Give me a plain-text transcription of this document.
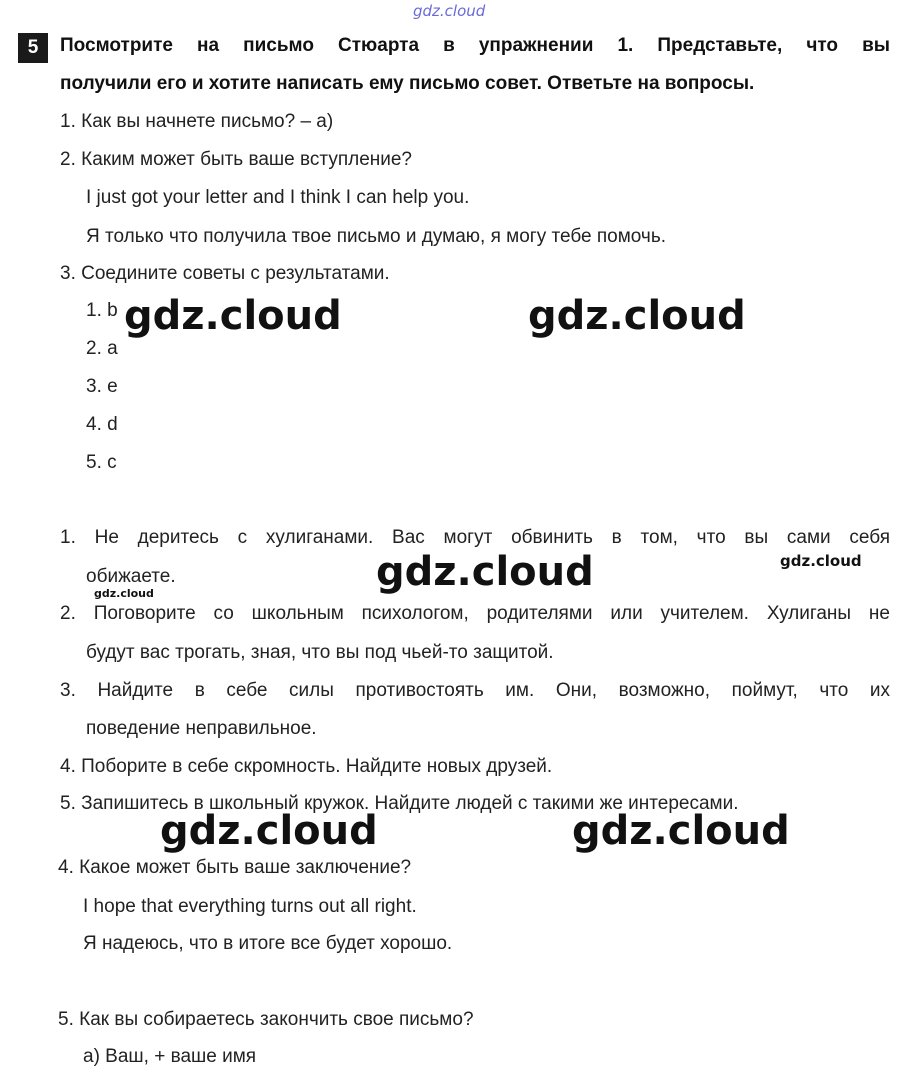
gdz.cloud
5	Посмотрите на письмо Стюарта в упражнении 1. Представьте, что вы
получили его и хотите написать ему письмо совет. Ответьте на вопросы.
1. Как вы начнете письмо? – а)
2. Каким может быть ваше вступление?
I just got your letter and I think I can help you.
Я только что получила твое письмо и думаю, я могу тебе помочь.
3. Соедините советы с результатами.
1. b
2. a
3. e
4. d
5. c
1. Не деритесь с хулиганами. Вас могут обвинить в том, что вы сами себя
обижаете.
2. Поговорите со школьным психологом, родителями или учителем. Хулиганы не
будут вас трогать, зная, что вы под чьей-то защитой.
3. Найдите в себе силы противостоять им. Они, возможно, поймут, что их
поведение неправильное.
4. Поборите в себе скромность. Найдите новых друзей.
5. Запишитесь в школьный кружок. Найдите людей с такими же интересами.
4. Какое может быть ваше заключение?
I hope that everything turns out all right.
Я надеюсь, что в итоге все будет хорошо.
5. Как вы собираетесь закончить свое письмо?
а) Ваш, + ваше имя
gdz.cloud	gdz.cloud
gdz.cloud	gdz.cloud
gdz.cloud
gdz.cloud	gdz.cloud
